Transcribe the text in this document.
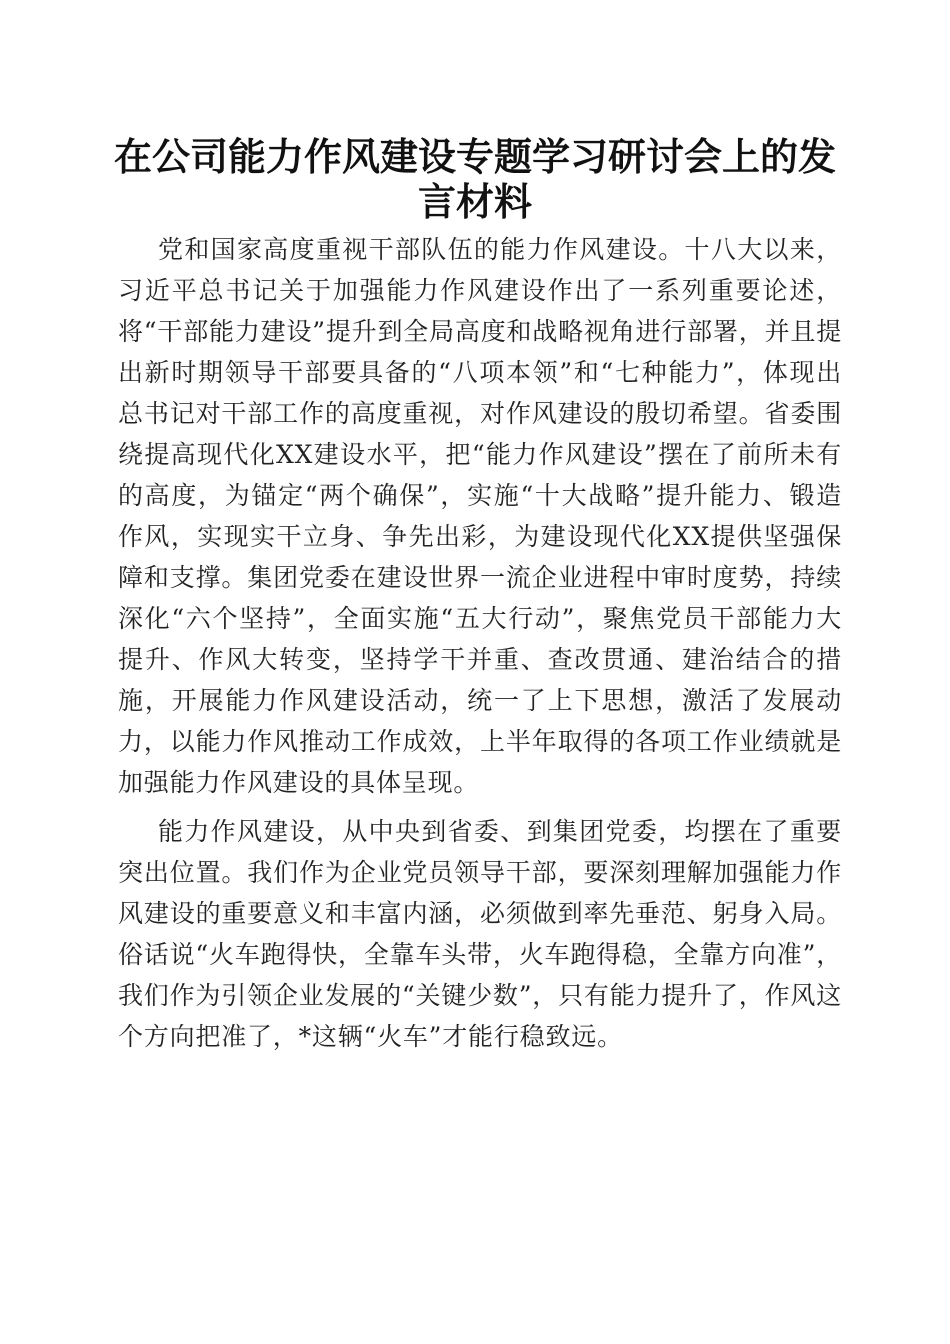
在公司能力作风建设专题学习研讨会上的发言材料

党和国家高度重视干部队伍的能力作风建设。十八大以来，习近平总书记关于加强能力作风建设作出了一系列重要论述，将“干部能力建设”提升到全局高度和战略视角进行部署，并且提出新时期领导干部要具备的“八项本领”和“七种能力”，体现出总书记对干部工作的高度重视，对作风建设的殷切希望。省委围绕提高现代化XX建设水平，把“能力作风建设”摆在了前所未有的高度，为锚定“两个确保”，实施“十大战略”提升能力、锻造作风，实现实干立身、争先出彩，为建设现代化XX提供坚强保障和支撑。集团党委在建设世界一流企业进程中审时度势，持续深化“六个坚持”，全面实施“五大行动”，聚焦党员干部能力大提升、作风大转变，坚持学干并重、查改贯通、建治结合的措施，开展能力作风建设活动，统一了上下思想，激活了发展动力，以能力作风推动工作成效，上半年取得的各项工作业绩就是加强能力作风建设的具体呈现。

能力作风建设，从中央到省委、到集团党委，均摆在了重要突出位置。我们作为企业党员领导干部，要深刻理解加强能力作风建设的重要意义和丰富内涵，必须做到率先垂范、躬身入局。俗话说“火车跑得快，全靠车头带，火车跑得稳，全靠方向准”，我们作为引领企业发展的“关键少数”，只有能力提升了，作风这个方向把准了，*这辆“火车”才能行稳致远。
